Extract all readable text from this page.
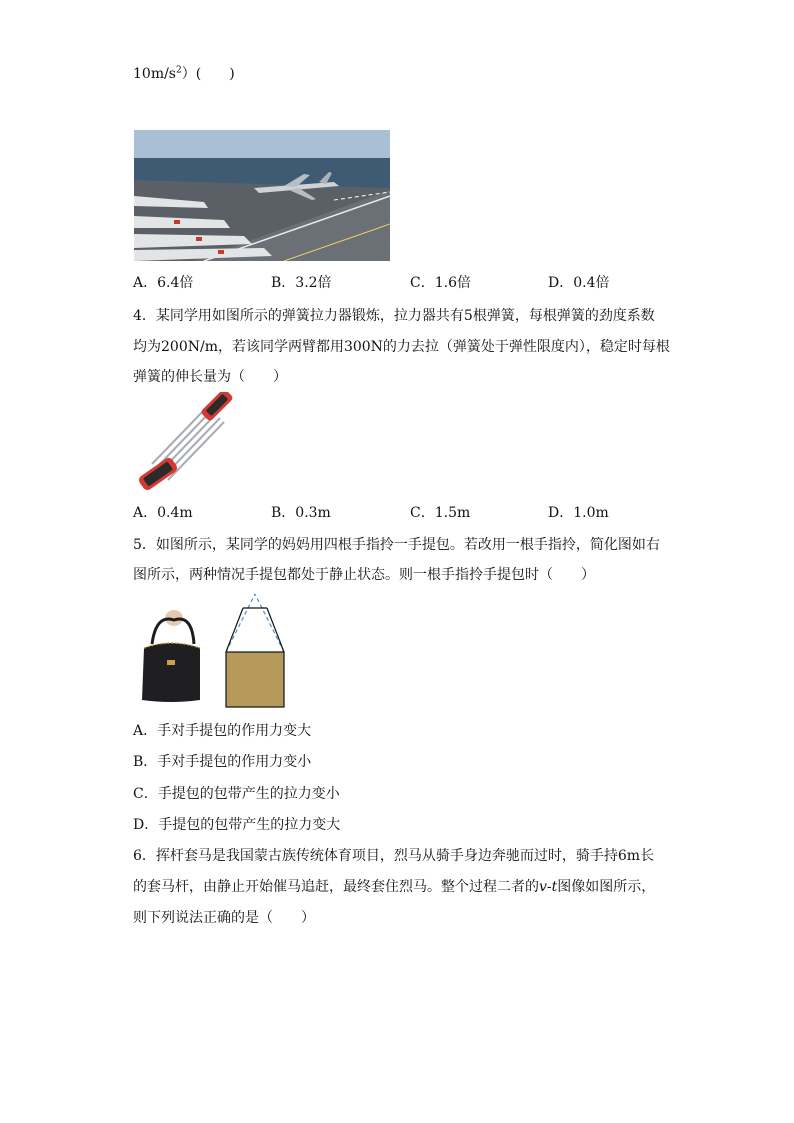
$10m/s^2$）(　　)
A．6.4倍	B．3.2倍	C．1.6倍	D．0.4倍
4．某同学用如图所示的弹簧拉力器锻炼，拉力器共有5根弹簧，每根弹簧的劲度系数
均为200N/m，若该同学两臂都用300N的力去拉（弹簧处于弹性限度内），稳定时每根
弹簧的伸长量为（　　）
A．0.4m	B．0.3m	C．1.5m	D．1.0m
5．如图所示，某同学的妈妈用四根手指拎一手提包。若改用一根手指拎，简化图如右
图所示，两种情况手提包都处于静止状态。则一根手指拎手提包时（　　）
A．手对手提包的作用力变大
B．手对手提包的作用力变小
C．手提包的包带产生的拉力变小
D．手提包的包带产生的拉力变大
6．挥杆套马是我国蒙古族传统体育项目，烈马从骑手身边奔驰而过时，骑手持6m长
的套马杆，由静止开始催马追赶，最终套住烈马。整个过程二者的v-t图像如图所示，
则下列说法正确的是（　　）
